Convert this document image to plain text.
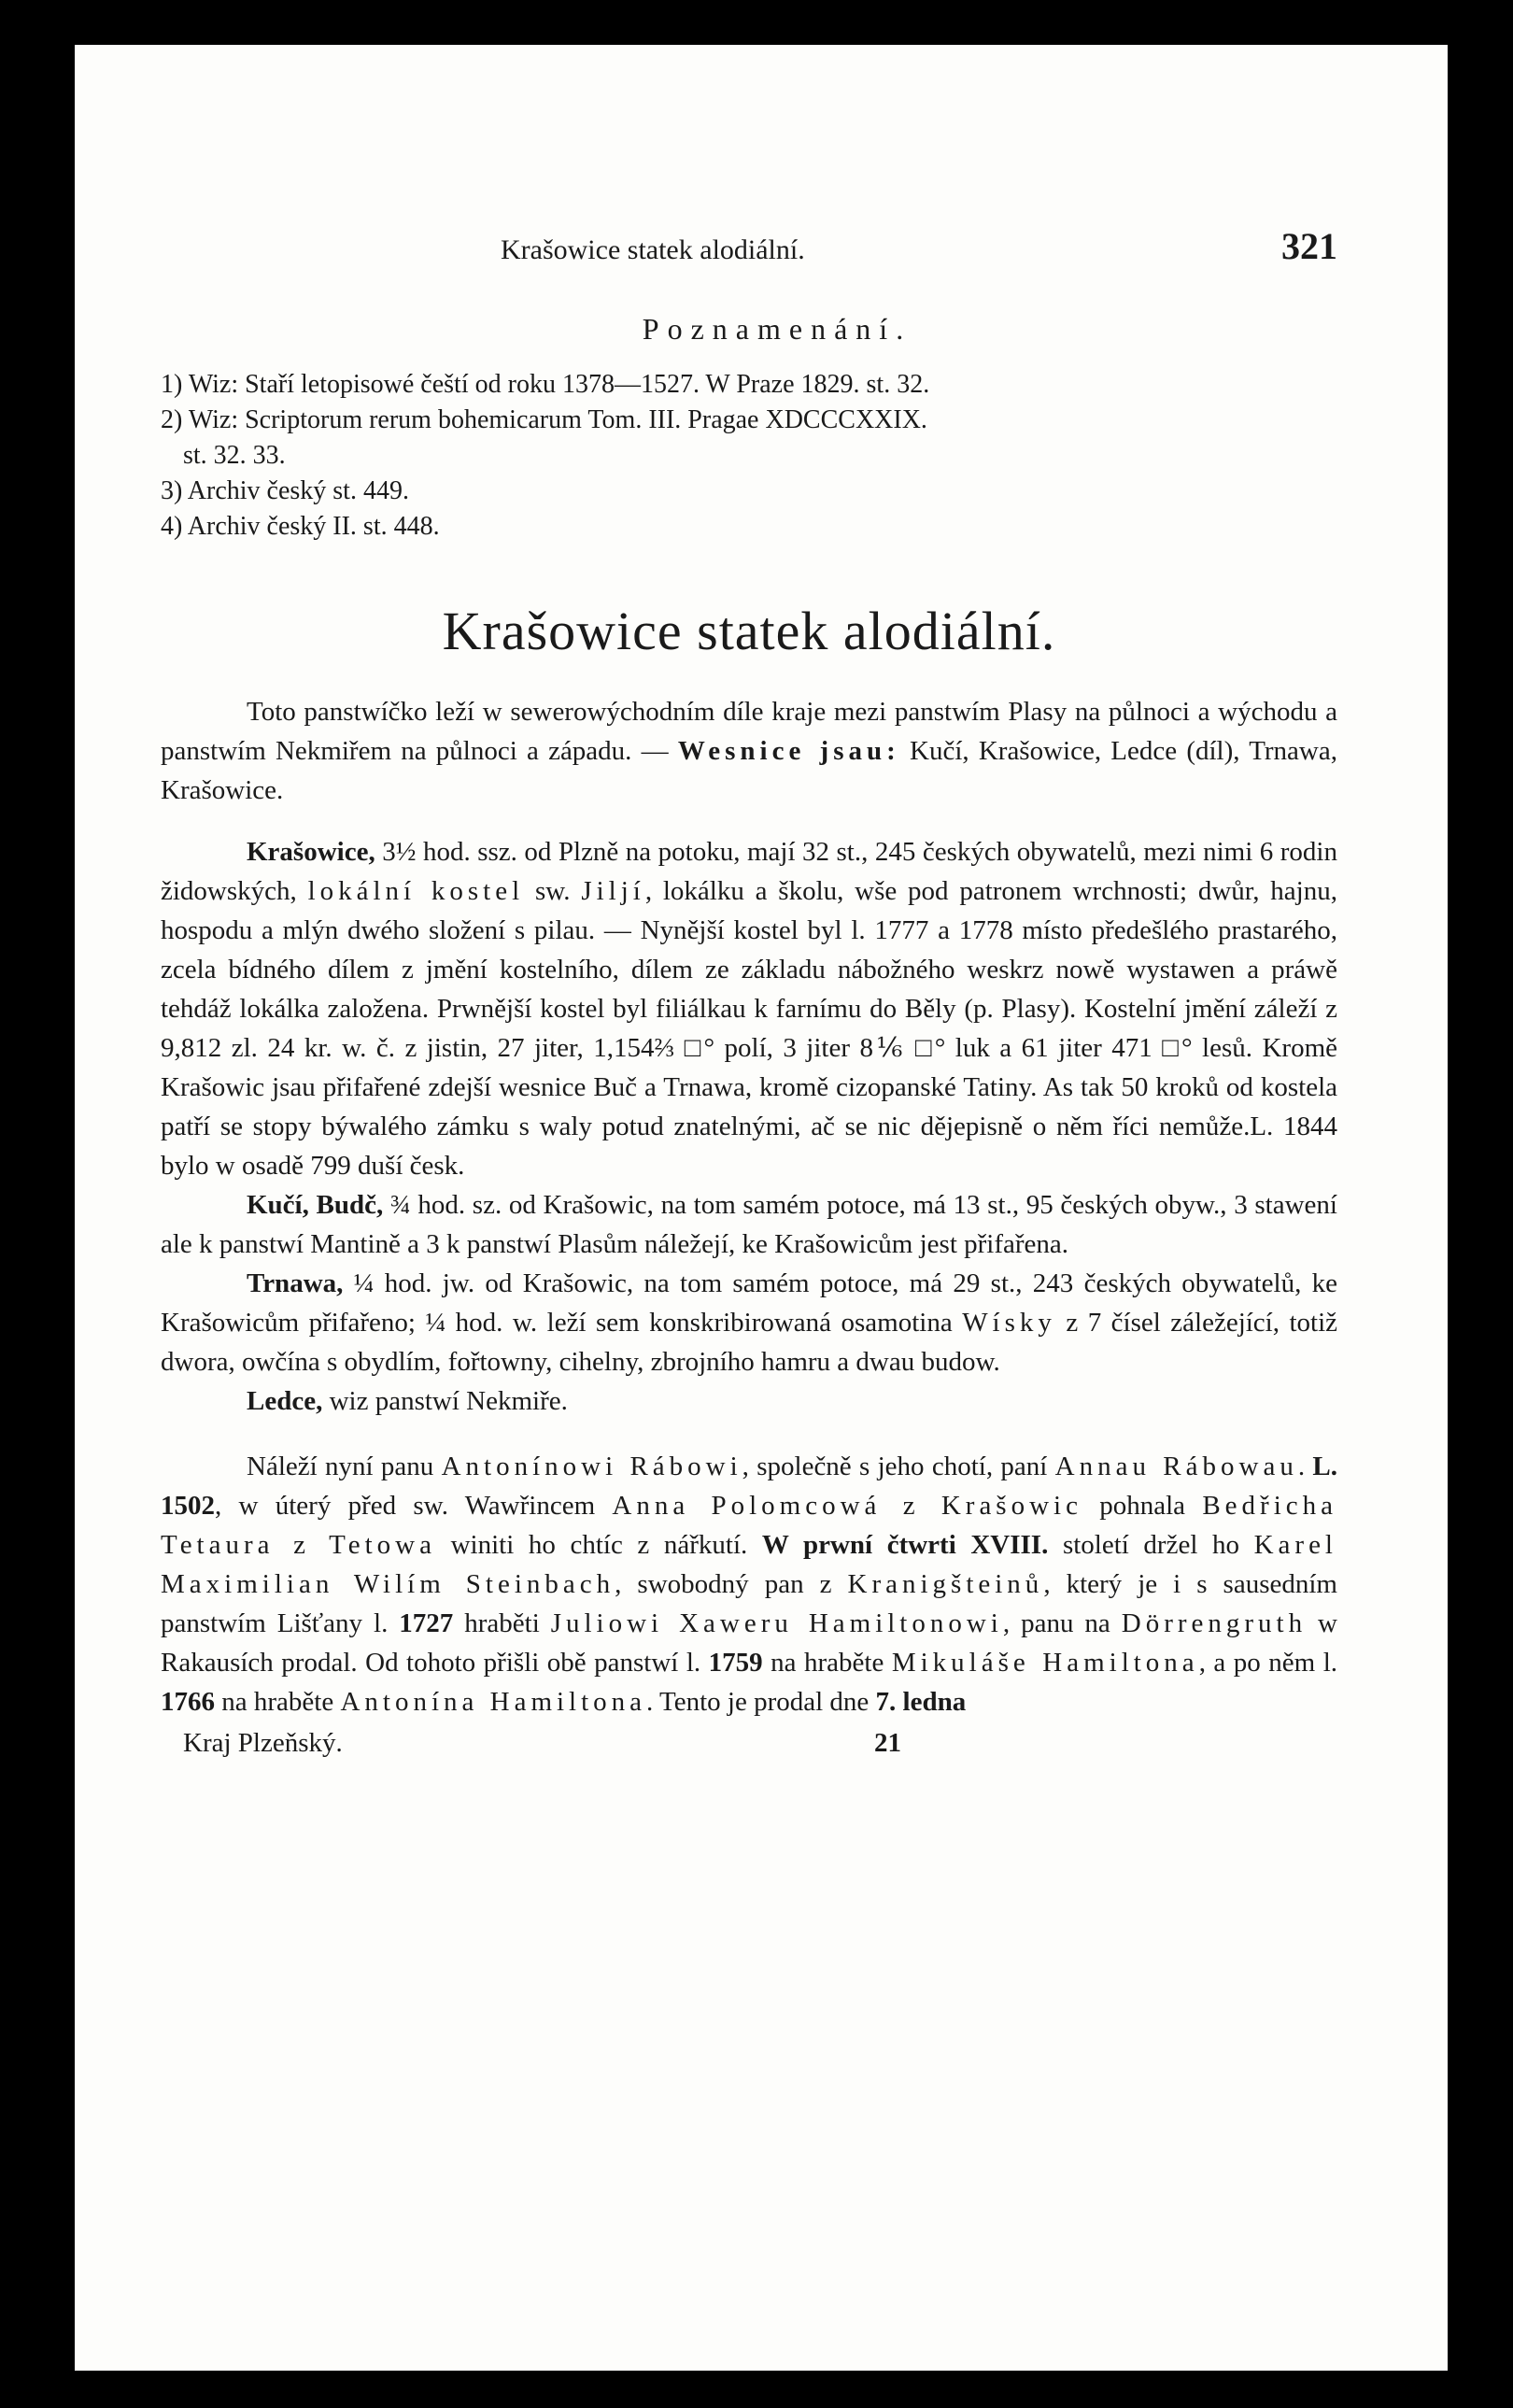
Krašowice statek alodiální.	321
Poznamenání.

1) Wiz: Staří letopisowé čeští od roku 1378—1527. W Praze 1829. st. 32.

2) Wiz: Scriptorum rerum bohemicarum Tom. III. Pragae XDCCCXXIX.

st. 32. 33.

3) Archiv český st. 449.

4) Archiv český II. st. 448.

Krašowice statek alodiální.

Toto panstwíčko leží w sewerowýchodním díle kraje mezi panstwím Plasy na půlnoci a wýchodu a panstwím Nekmiřem na půlnoci a západu. — Wesnice jsau: Kučí, Krašowice, Ledce (díl), Trnawa, Krašowice.

Krašowice, 3½ hod. ssz. od Plzně na potoku, mají 32 st., 245 českých obywatelů, mezi nimi 6 rodin židowských, lokální kostel sw. Jiljí, lokálku a školu, wše pod patronem wrchnosti; dwůr, hajnu, hospodu a mlýn dwého složení s pilau. — Nynější kostel byl l. 1777 a 1778 místo předešlého prastarého, zcela bídného dílem z jmění kostelního, dílem ze základu nábožného weskrz nowě wystawen a práwě tehdáž lokálka založena. Prwnější kostel byl filiálkau k farnímu do Běly (p. Plasy). Kostelní jmění záleží z 9,812 zl. 24 kr. w. č. z jistin, 27 jiter, 1,154⅔ □° polí, 3 jiter 8⅙ □° luk a 61 jiter 471 □° lesů. Kromě Krašowic jsau přifařené zdejší wesnice Buč a Trnawa, kromě cizopanské Tatiny. As tak 50 kroků od kostela patří se stopy býwalého zámku s waly potud znatelnými, ač se nic dějepisně o něm říci nemůže.L. 1844 bylo w osadě 799 duší česk.

Kučí, Budč, ¾ hod. sz. od Krašowic, na tom samém potoce, má 13 st., 95 českých obyw., 3 stawení ale k panstwí Mantině a 3 k panstwí Plasům náležejí, ke Krašowicům jest přifařena.

Trnawa, ¼ hod. jw. od Krašowic, na tom samém potoce, má 29 st., 243 českých obywatelů, ke Krašowicům přifařeno; ¼ hod. w. leží sem konskribirowaná osamotina Wísky z 7 čísel záležející, totiž dwora, owčína s obydlím, fořtowny, cihelny, zbrojního hamru a dwau budow.

Ledce, wiz panstwí Nekmiře.

Náleží nyní panu Antonínowi Rábowi, společně s jeho chotí, paní Annau Rábowau. L. 1502, w úterý před sw. Wawřincem Anna Polomcowá z Krašowic pohnala Bedřicha Tetaura z Tetowa winiti ho chtíc z nářkutí. W prwní čtwrti XVIII. století držel ho Karel Maximilian Wilím Steinbach, swobodný pan z Kranigšteinů, který je i s sausedním panstwím Lišťany l. 1727 hraběti Juliowi Xaweru Hamiltonowi, panu na Dörrengruth w Rakausích prodal. Od tohoto přišli obě panstwí l. 1759 na hraběte Mikuláše Hamiltona, a po něm l. 1766 na hraběte Antonína Hamiltona. Tento je prodal dne 7. ledna

Kraj Plzeňský.	21
